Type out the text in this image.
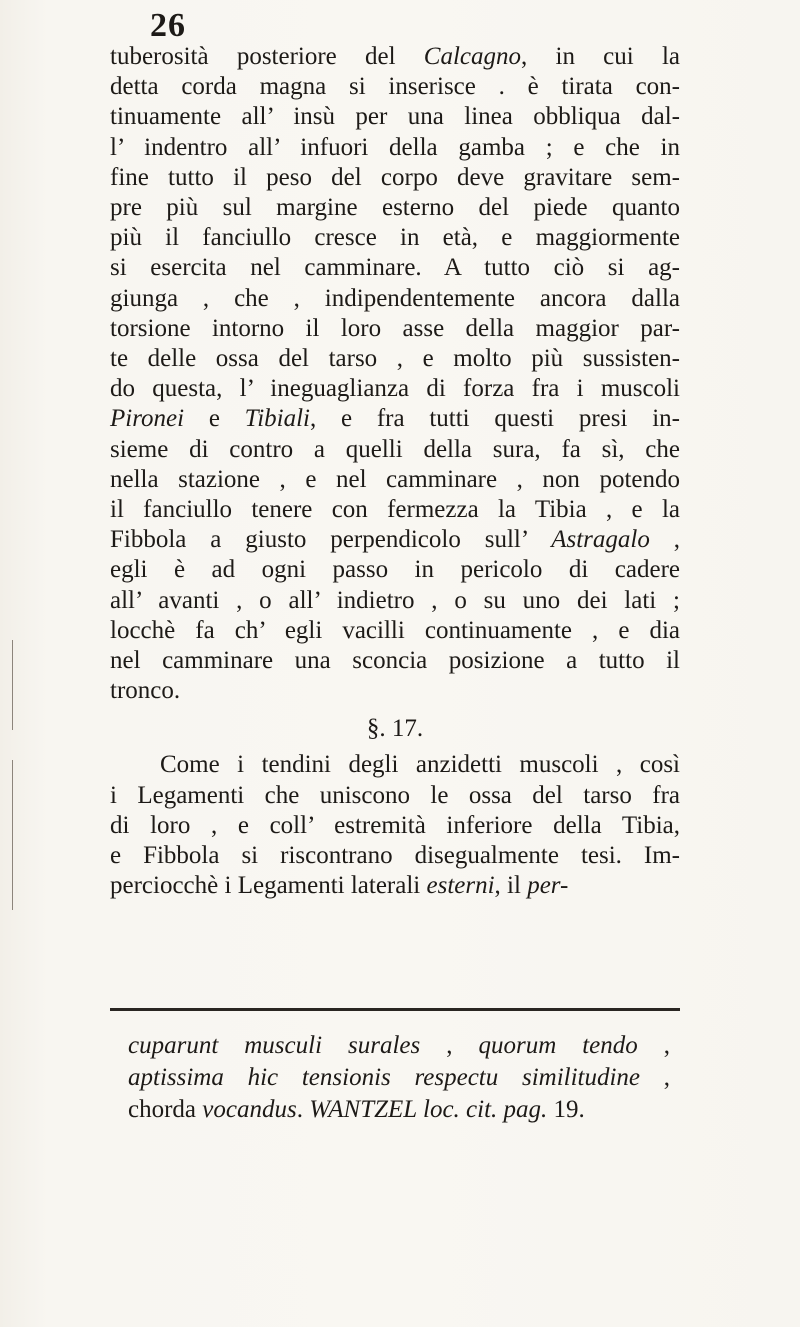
26
tuberosità posteriore del Calcagno, in cui la
detta corda magna si inserisce . è tirata con-
tinuamente all’ insù per una linea obbliqua dal-
l’ indentro all’ infuori della gamba ; e che in
fine tutto il peso del corpo deve gravitare sem-
pre più sul margine esterno del piede quanto
più il fanciullo cresce in età, e maggiormente
si esercita nel camminare. A tutto ciò si ag-
giunga , che , indipendentemente ancora dalla
torsione intorno il loro asse della maggior par-
te delle ossa del tarso , e molto più sussisten-
do questa, l’ ineguaglianza di forza fra i muscoli
Pironei e Tibiali, e fra tutti questi presi in-
sieme di contro a quelli della sura, fa sì, che
nella stazione , e nel camminare , non potendo
il fanciullo tenere con fermezza la Tibia , e la
Fibbola a giusto perpendicolo sull’ Astragalo ,
egli è ad ogni passo in pericolo di cadere
all’ avanti , o all’ indietro , o su uno dei lati ;
locchè fa ch’ egli vacilli continuamente , e dia
nel camminare una sconcia posizione a tutto il
tronco.
§. 17.
Come i tendini degli anzidetti muscoli , così
i Legamenti che uniscono le ossa del tarso fra
di loro , e coll’ estremità inferiore della Tibia,
e Fibbola si riscontrano disegualmente tesi. Im-
perciocchè i Legamenti laterali esterni, il per-
cuparunt musculi surales , quorum tendo ,
aptissima hic tensionis respectu similitudine ,
chorda vocandus. WANTZEL loc. cit. pag. 19.
